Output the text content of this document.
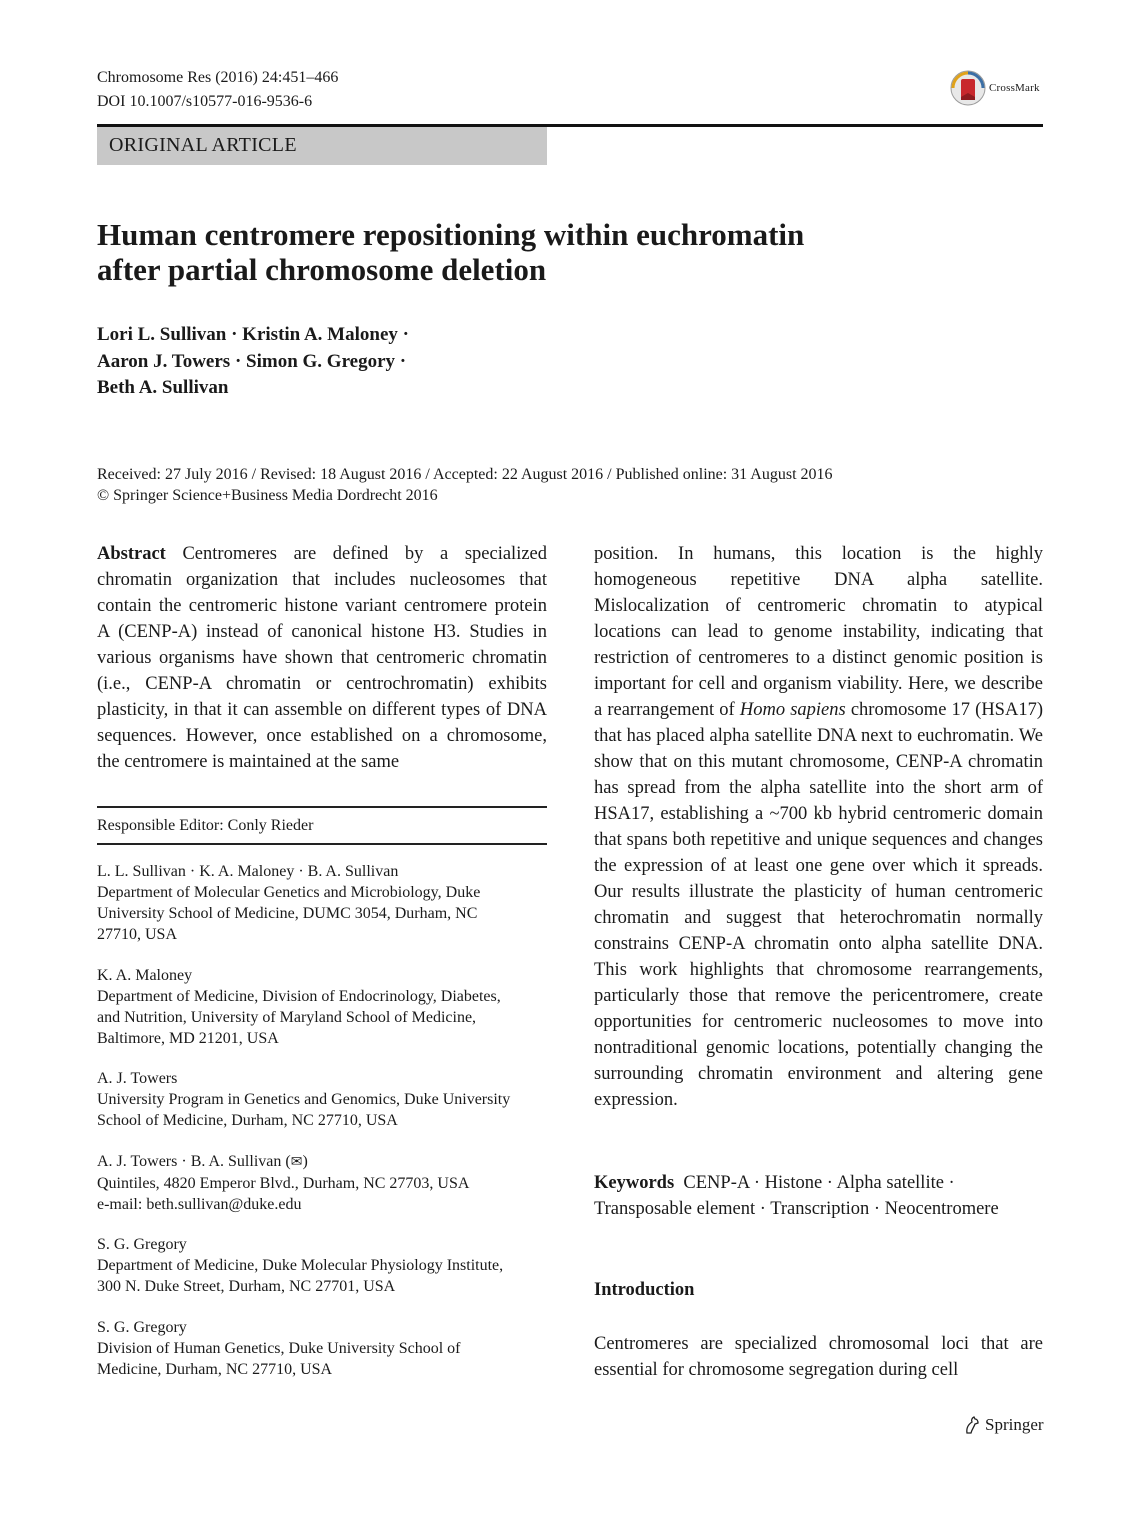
Chromosome Res (2016) 24:451–466
DOI 10.1007/s10577-016-9536-6
CrossMark
ORIGINAL ARTICLE
Human centromere repositioning within euchromatin
after partial chromosome deletion
Lori L. Sullivan · Kristin A. Maloney ·
Aaron J. Towers · Simon G. Gregory ·
Beth A. Sullivan
Received: 27 July 2016 / Revised: 18 August 2016 / Accepted: 22 August 2016 / Published online: 31 August 2016
© Springer Science+Business Media Dordrecht 2016
Abstract Centromeres are defined by a specialized chromatin organization that includes nucleosomes that contain the centromeric histone variant centromere protein A (CENP-A) instead of canonical histone H3. Studies in various organisms have shown that centromeric chromatin (i.e., CENP-A chromatin or centrochromatin) exhibits plasticity, in that it can assemble on different types of DNA sequences. However, once established on a chromosome, the centromere is maintained at the same
Responsible Editor: Conly Rieder

L. L. Sullivan · K. A. Maloney · B. A. Sullivan

Department of Molecular Genetics and Microbiology, Duke

University School of Medicine, DUMC 3054, Durham, NC

27710, USA

K. A. Maloney

Department of Medicine, Division of Endocrinology, Diabetes,

and Nutrition, University of Maryland School of Medicine,

Baltimore, MD 21201, USA

A. J. Towers

University Program in Genetics and Genomics, Duke University

School of Medicine, Durham, NC 27710, USA

A. J. Towers · B. A. Sullivan (✉)

Quintiles, 4820 Emperor Blvd., Durham, NC 27703, USA

e-mail: beth.sullivan@duke.edu

S. G. Gregory

Department of Medicine, Duke Molecular Physiology Institute,

300 N. Duke Street, Durham, NC 27701, USA

S. G. Gregory

Division of Human Genetics, Duke University School of

Medicine, Durham, NC 27710, USA

position. In humans, this location is the highly homogeneous repetitive DNA alpha satellite. Mislocalization of centromeric chromatin to atypical locations can lead to genome instability, indicating that restriction of centromeres to a distinct genomic position is important for cell and organism viability. Here, we describe a rearrangement of Homo sapiens chromosome 17 (HSA17) that has placed alpha satellite DNA next to euchromatin. We show that on this mutant chromosome, CENP-A chromatin has spread from the alpha satellite into the short arm of HSA17, establishing a ~700 kb hybrid centromeric domain that spans both repetitive and unique sequences and changes the expression of at least one gene over which it spreads. Our results illustrate the plasticity of human centromeric chromatin and suggest that heterochromatin normally constrains CENP-A chromatin onto alpha satellite DNA. This work highlights that chromosome rearrangements, particularly those that remove the pericentromere, create opportunities for centromeric nucleosomes to move into nontraditional genomic locations, potentially changing the surrounding chromatin environment and altering gene expression.
Keywords CENP-A · Histone · Alpha satellite ·
Transposable element · Transcription · Neocentromere
Introduction
Centromeres are specialized chromosomal loci that are essential for chromosome segregation during cell
Springer
